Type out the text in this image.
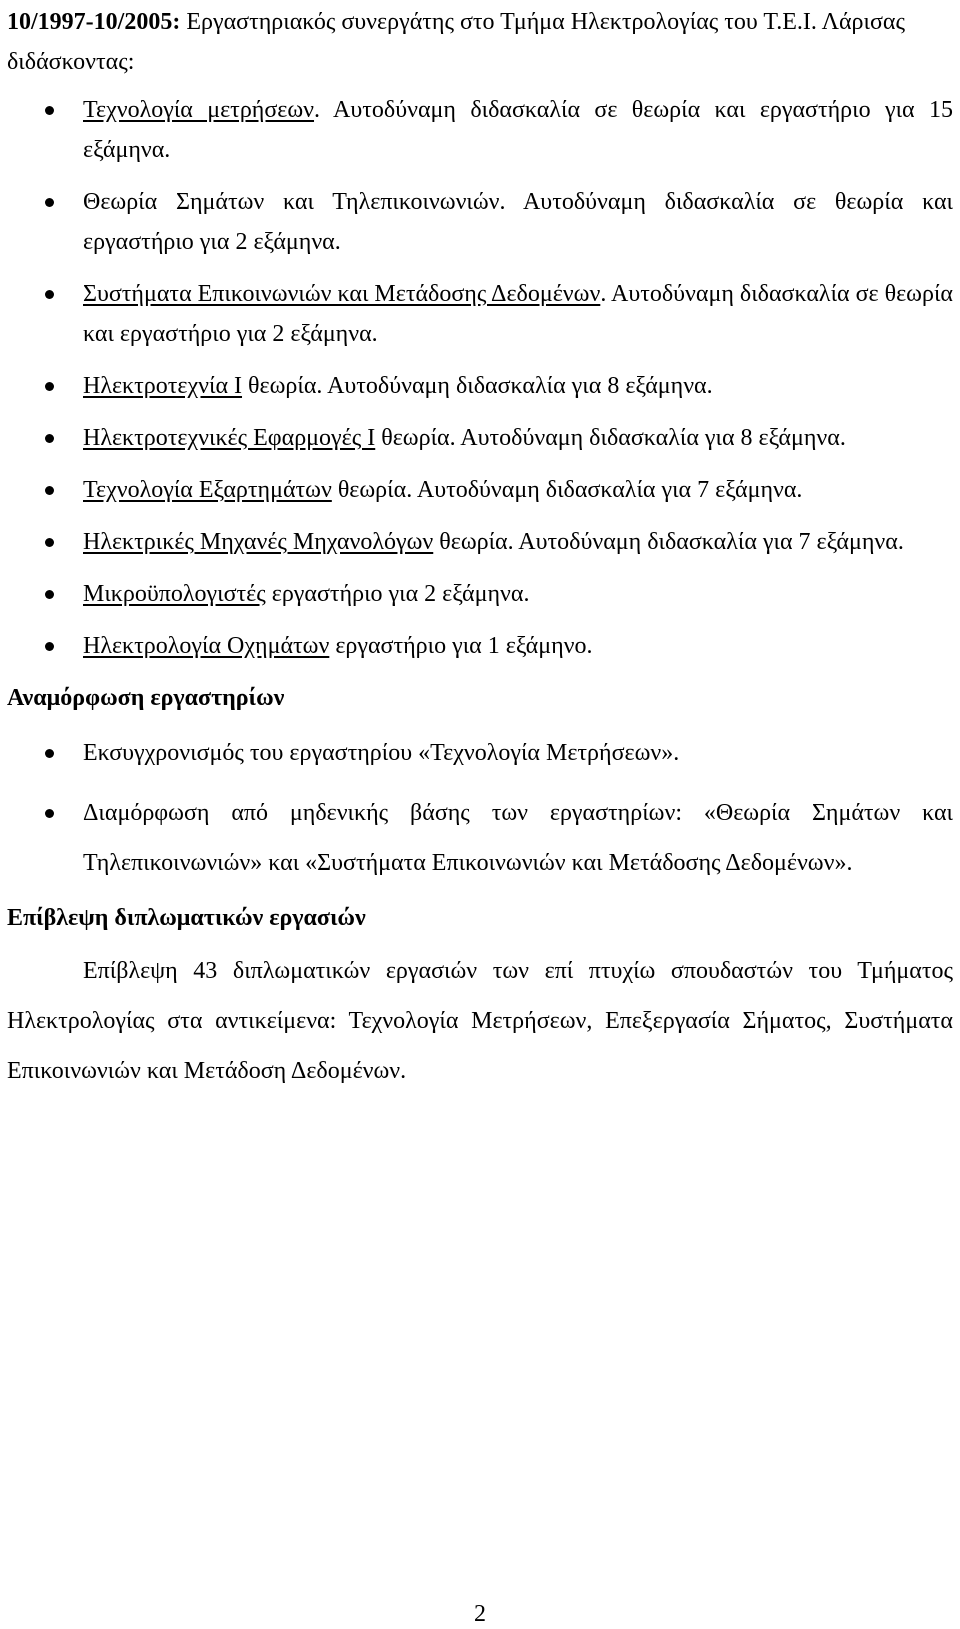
10/1997-10/2005: Εργαστηριακός συνεργάτης στο Τμήμα Ηλεκτρολογίας του Τ.Ε.Ι. Λάρισας διδάσκοντας:

Τεχνολογία μετρήσεων. Αυτοδύναμη διδασκαλία σε θεωρία και εργαστήριο για 15 εξάμηνα.
Θεωρία Σημάτων και Τηλεπικοινωνιών. Αυτοδύναμη διδασκαλία σε θεωρία και εργαστήριο για 2 εξάμηνα.
Συστήματα Επικοινωνιών και Μετάδοσης Δεδομένων. Αυτοδύναμη διδασκαλία σε θεωρία και εργαστήριο για 2 εξάμηνα.
Ηλεκτροτεχνία Ι θεωρία. Αυτοδύναμη διδασκαλία για 8 εξάμηνα.
Ηλεκτροτεχνικές Εφαρμογές Ι θεωρία. Αυτοδύναμη διδασκαλία για 8 εξάμηνα.
Τεχνολογία Εξαρτημάτων θεωρία. Αυτοδύναμη διδασκαλία για 7 εξάμηνα.
Ηλεκτρικές Μηχανές Μηχανολόγων θεωρία. Αυτοδύναμη διδασκαλία για 7 εξάμηνα.
Μικροϋπολογιστές εργαστήριο για 2 εξάμηνα.
Ηλεκτρολογία Οχημάτων εργαστήριο για 1 εξάμηνο.
Αναμόρφωση εργαστηρίων
Εκσυγχρονισμός του εργαστηρίου «Τεχνολογία Μετρήσεων».
Διαμόρφωση από μηδενικής βάσης των εργαστηρίων: «Θεωρία Σημάτων και Τηλεπικοινωνιών» και «Συστήματα Επικοινωνιών και Μετάδοσης Δεδομένων».
Επίβλεψη διπλωματικών εργασιών

Επίβλεψη 43 διπλωματικών εργασιών των επί πτυχίω σπουδαστών του Τμήματος Ηλεκτρολογίας στα αντικείμενα: Τεχνολογία Μετρήσεων, Επεξεργασία Σήματος, Συστήματα Επικοινωνιών και Μετάδοση Δεδομένων.

2
